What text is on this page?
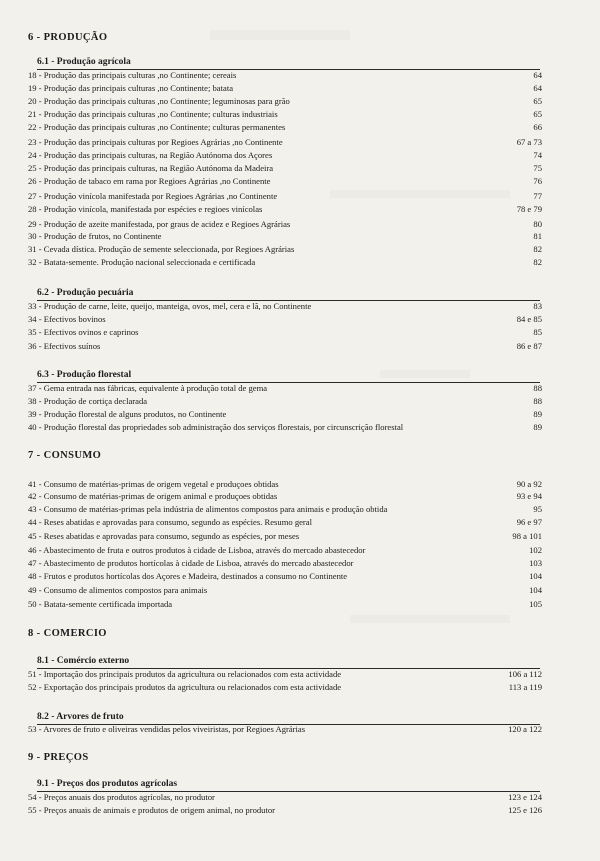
6 - PRODUÇÃO
6.1 - Produção agrícola
18 - Produção das principais culturas ,no Continente; cereais	64
19 - Produção das principais culturas ,no Continente; batata	64
20 - Produção das principais culturas ,no Continente; leguminosas para grão	65
21 - Produção das principais culturas ,no Continente; culturas industriais	65
22 - Produção das principais culturas ,no Continente; culturas permanentes	66
23 - Produção das principais culturas por Regioes Agrárias ,no Continente	67 a 73
24 - Produção das principais culturas, na Região Autónoma dos Açores	74
25 - Produção das principais culturas, na Região Autónoma da Madeira	75
26 - Produção de tabaco em rama por Regioes Agrárias ,no Continente	76
27 - Produção vinícola manifestada por Regioes Agrárias ,no Continente	77
28 - Produção vinícola, manifestada por espécies e regioes vinícolas	78 e 79
29 - Produção de azeite manifestada, por graus de acidez e Regioes Agrárias	80
30 - Produção de frutos, no Continente	81
31 - Cevada dística. Produção de semente seleccionada, por Regioes Agrárias	82
32 - Batata-semente. Produção nacional seleccionada e certificada	82
6.2 - Produção pecuária
33 - Produção de carne, leite, queijo, manteiga, ovos, mel, cera e lã, no Continente	83
34 - Efectivos bovinos	84 e 85
35 - Efectivos ovinos e caprinos	85
36 - Efectivos suínos	86 e 87
6.3 - Produção florestal
37 - Gema entrada nas fábricas, equivalente à produção total de gema	88
38 - Produção de cortiça declarada	88
39 - Produção florestal de alguns produtos, no Continente	89
40 - Produção florestal das propriedades sob administração dos serviços florestais, por circunscrição florestal	89
7 - CONSUMO
41 - Consumo de matérias-primas de origem vegetal e produçoes obtidas	90 a 92
42 - Consumo de matérias-primas de origem animal e produçoes obtidas	93 e 94
43 - Consumo de matérias-primas pela indústria de alimentos compostos para animais e produção obtida	95
44 - Reses abatidas e aprovadas para consumo, segundo as espécies. Resumo geral	96 e 97
45 - Reses abatidas e aprovadas para consumo, segundo as espécies, por meses	98 a 101
46 - Abastecimento de fruta e outros produtos à cidade de Lisboa, através do mercado abastecedor	102
47 - Abastecimento de produtos hortícolas à cidade de Lisboa, através do mercado abastecedor	103
48 - Frutos e produtos hortícolas dos Açores e Madeira, destinados a consumo no Continente	104
49 - Consumo de alimentos compostos para animais	104
50 - Batata-semente certificada importada	105
8 - COMERCIO
8.1 - Comércio externo
51 - Importação dos principais produtos da agricultura ou relacionados com esta actividade	106 a 112
52 - Exportação dos principais produtos da agricultura ou relacionados com esta actividade	113 a 119
8.2 - Arvores de fruto
53 - Arvores de fruto e oliveiras vendidas pelos viveiristas, por Regioes Agrárias	120 a 122
9 - PREÇOS
9.1 - Preços dos produtos agrícolas
54 - Preços anuais dos produtos agrícolas, no produtor	123 e 124
55 - Preços anuais de animais e produtos de origem animal, no produtor	125 e 126
